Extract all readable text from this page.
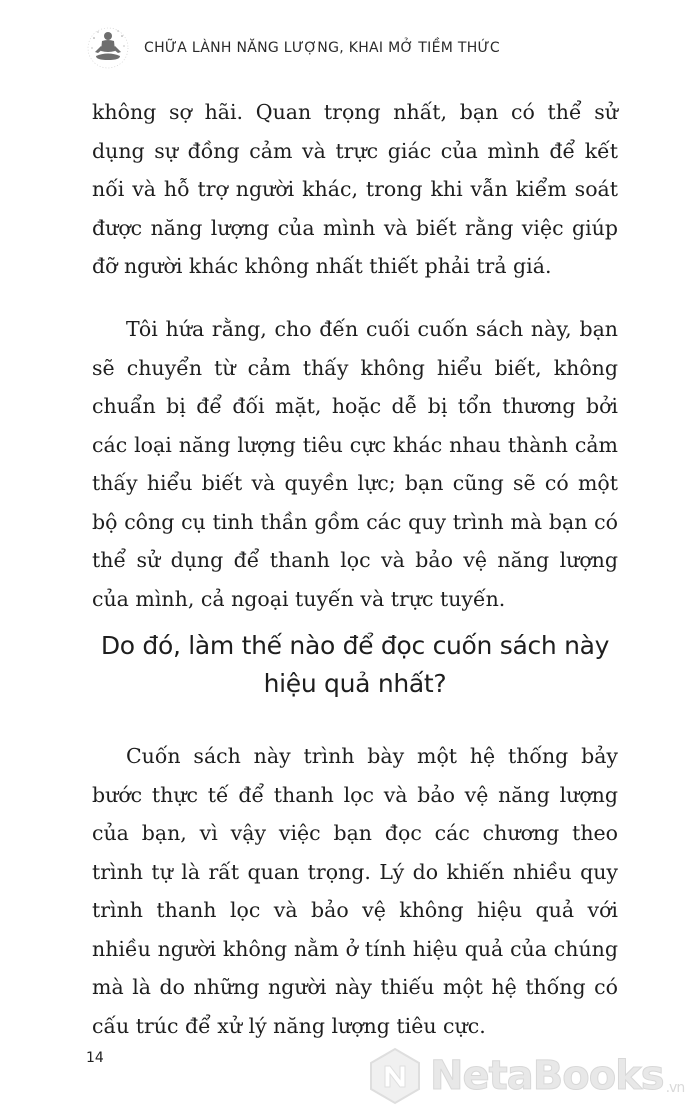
CHỮA LÀNH NĂNG LƯỢNG, KHAI MỞ TIỀM THỨC

không sợ hãi. Quan trọng nhất, bạn có thể sử dụng sự đồng cảm và trực giác của mình để kết nối và hỗ trợ người khác, trong khi vẫn kiểm soát được năng lượng của mình và biết rằng việc giúp đỡ người khác không nhất thiết phải trả giá.

Tôi hứa rằng, cho đến cuối cuốn sách này, bạn sẽ chuyển từ cảm thấy không hiểu biết, không chuẩn bị để đối mặt, hoặc dễ bị tổn thương bởi các loại năng lượng tiêu cực khác nhau thành cảm thấy hiểu biết và quyền lực; bạn cũng sẽ có một bộ công cụ tinh thần gồm các quy trình mà bạn có thể sử dụng để thanh lọc và bảo vệ năng lượng của mình, cả ngoại tuyến và trực tuyến.

Do đó, làm thế nào để đọc cuốn sách này
hiệu quả nhất?

Cuốn sách này trình bày một hệ thống bảy bước thực tế để thanh lọc và bảo vệ năng lượng của bạn, vì vậy việc bạn đọc các chương theo trình tự là rất quan trọng. Lý do khiến nhiều quy trình thanh lọc và bảo vệ không hiệu quả với nhiều người không nằm ở tính hiệu quả của chúng mà là do những người này thiếu một hệ thống có cấu trúc để xử lý năng lượng tiêu cực.

14	NetaBooks .vn
